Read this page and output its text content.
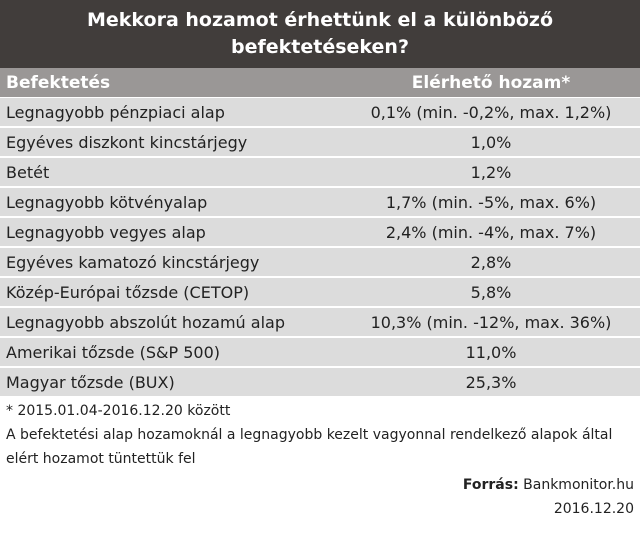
Mekkora hozamot érhettünk el a különböző befektetéseken?
Befektetés	Elérhető hozam*
Legnagyobb pénzpiaci alap	0,1% (min. -0,2%, max. 1,2%)
Egyéves diszkont kincstárjegy	1,0%
Betét	1,2%
Legnagyobb kötvényalap	1,7% (min. -5%, max. 6%)
Legnagyobb vegyes alap	2,4% (min. -4%, max. 7%)
Egyéves kamatozó kincstárjegy	2,8%
Közép-Európai tőzsde (CETOP)	5,8%
Legnagyobb abszolút hozamú alap	10,3% (min. -12%, max. 36%)
Amerikai tőzsde (S&P 500)	11,0%
Magyar tőzsde (BUX)	25,3%
* 2015.01.04-2016.12.20 között
A befektetési alap hozamoknál a legnagyobb kezelt vagyonnal rendelkező alapok által elért hozamot tüntettük fel
Forrás: Bankmonitor.hu
2016.12.20
